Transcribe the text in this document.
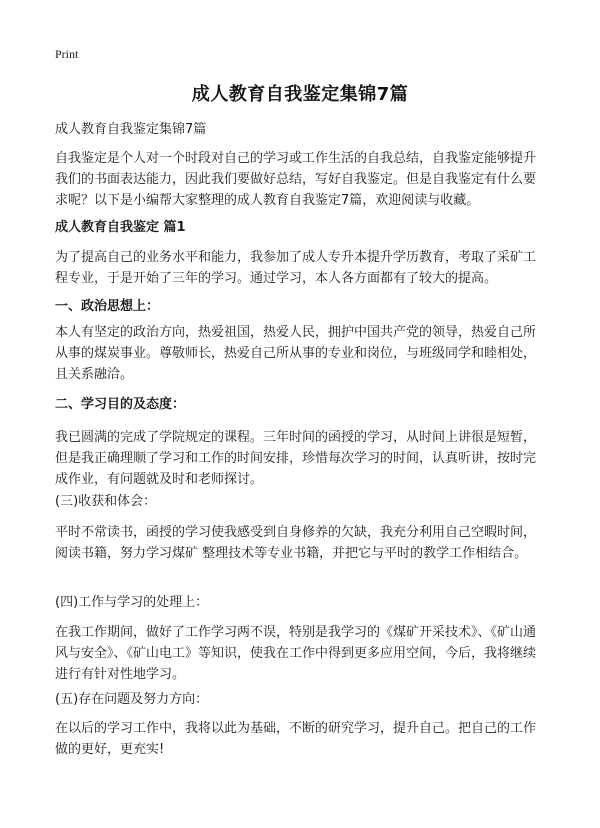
Print
成人教育自我鉴定集锦7篇

成人教育自我鉴定集锦7篇

自我鉴定是个人对一个时段对自己的学习或工作生活的自我总结，自我鉴定能够提升我们的书面表达能力，因此我们要做好总结，写好自我鉴定。但是自我鉴定有什么要求呢？以下是小编帮大家整理的成人教育自我鉴定7篇，欢迎阅读与收藏。

成人教育自我鉴定 篇1

为了提高自己的业务水平和能力，我参加了成人专升本提升学历教育，考取了采矿工程专业，于是开始了三年的学习。通过学习，本人各方面都有了较大的提高。

一、政治思想上：

本人有坚定的政治方向，热爱祖国，热爱人民，拥护中国共产党的领导，热爱自己所从事的煤炭事业。尊敬师长，热爱自己所从事的专业和岗位，与班级同学和睦相处，且关系融洽。

二、学习目的及态度：

我已圆满的完成了学院规定的课程。三年时间的函授的学习，从时间上讲很是短暂，但是我正确理顺了学习和工作的时间安排，珍惜每次学习的时间，认真听讲，按时完成作业，有问题就及时和老师探讨。

(三)收获和体会：

平时不常读书，函授的学习使我感受到自身修养的欠缺，我充分利用自己空暇时间，阅读书籍，努力学习煤矿 整理技术等专业书籍，并把它与平时的教学工作相结合。

(四)工作与学习的处理上：

在我工作期间，做好了工作学习两不误，特别是我学习的《煤矿开采技术》、《矿山通风与安全》、《矿山电工》等知识，使我在工作中得到更多应用空间，今后，我将继续进行有针对性地学习。

(五)存在问题及努力方向：

在以后的学习工作中，我将以此为基础，不断的研究学习，提升自己。把自己的工作做的更好，更充实!
